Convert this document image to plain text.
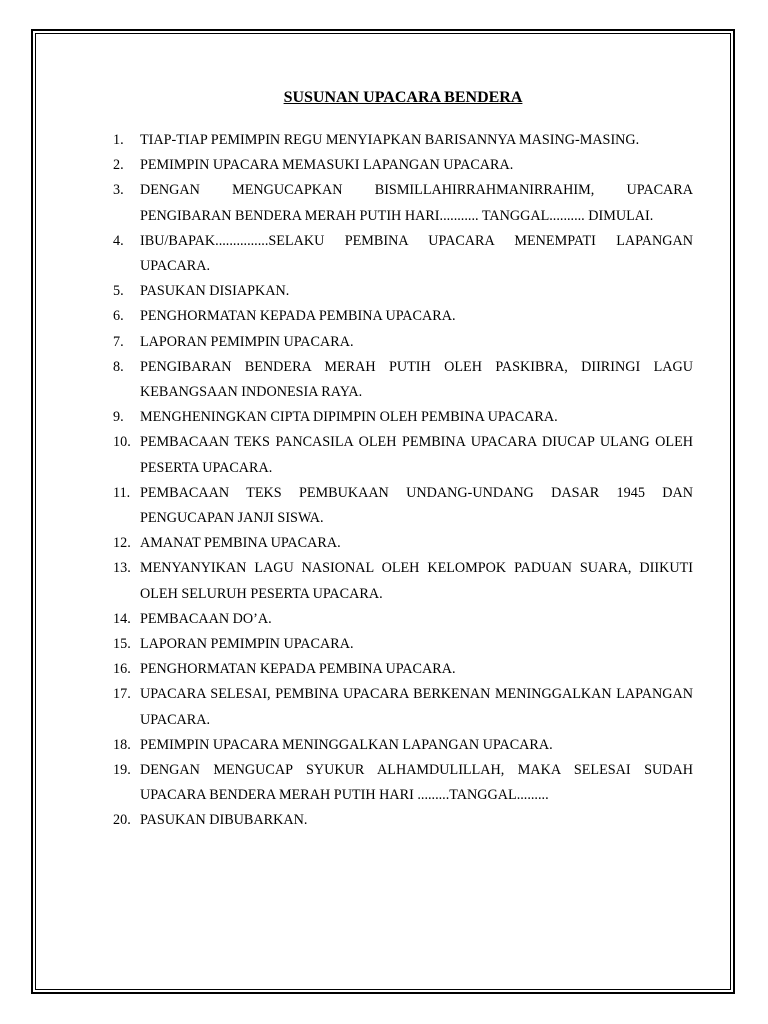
SUSUNAN UPACARA BENDERA
1.	TIAP-TIAP PEMIMPIN REGU MENYIAPKAN BARISANNYA MASING-MASING.
2.	PEMIMPIN UPACARA MEMASUKI LAPANGAN UPACARA.
3.	DENGAN MENGUCAPKAN BISMILLAHIRRAHMANIRRAHIM, UPACARA PENGIBARAN BENDERA MERAH PUTIH HARI........... TANGGAL.......... DIMULAI.
4.	IBU/BAPAK...............SELAKU PEMBINA UPACARA MENEMPATI LAPANGAN UPACARA.
5.	PASUKAN DISIAPKAN.
6.	PENGHORMATAN KEPADA PEMBINA UPACARA.
7.	LAPORAN PEMIMPIN UPACARA.
8.	PENGIBARAN BENDERA MERAH PUTIH OLEH PASKIBRA, DIIRINGI LAGU KEBANGSAAN INDONESIA RAYA.
9.	MENGHENINGKAN CIPTA DIPIMPIN OLEH PEMBINA UPACARA.
10. PEMBACAAN TEKS PANCASILA OLEH PEMBINA UPACARA DIUCAP ULANG OLEH PESERTA UPACARA.
11. PEMBACAAN TEKS PEMBUKAAN UNDANG-UNDANG DASAR 1945 DAN PENGUCAPAN JANJI SISWA.
12. AMANAT PEMBINA UPACARA.
13. MENYANYIKAN LAGU NASIONAL OLEH KELOMPOK PADUAN SUARA, DIIKUTI OLEH SELURUH PESERTA UPACARA.
14. PEMBACAAN DO’A.
15. LAPORAN PEMIMPIN UPACARA.
16. PENGHORMATAN KEPADA PEMBINA UPACARA.
17. UPACARA SELESAI, PEMBINA UPACARA BERKENAN MENINGGALKAN LAPANGAN UPACARA.
18. PEMIMPIN UPACARA MENINGGALKAN LAPANGAN UPACARA.
19. DENGAN MENGUCAP SYUKUR ALHAMDULILLAH, MAKA SELESAI SUDAH UPACARA BENDERA MERAH PUTIH HARI .........TANGGAL.........
20. PASUKAN DIBUBARKAN.
